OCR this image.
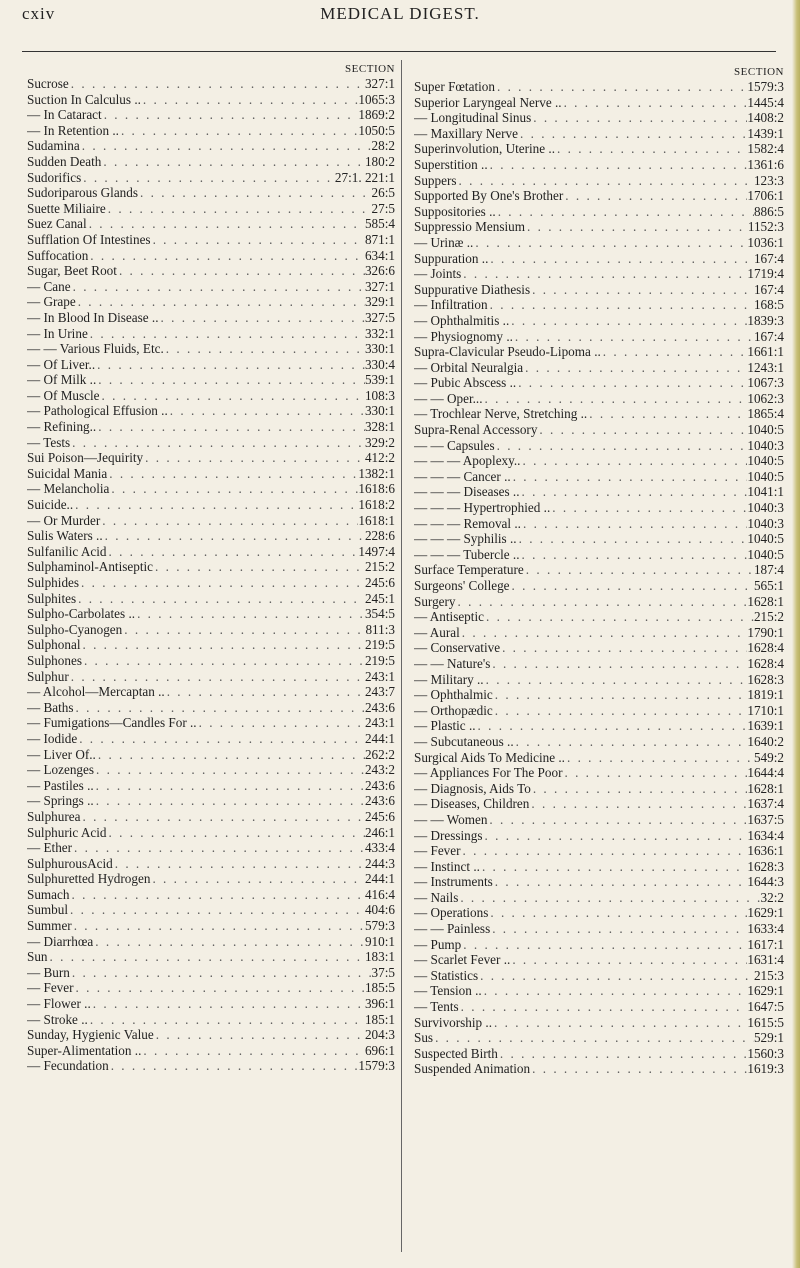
cxiv	MEDICAL DIGEST.
SECTION
Sucrose . . .	327:1
Suction In Calculus .. . . .	1065:3
— In Cataract . . .	1869:2
— In Retention .. . . .	1050:5
Sudamina . . .	28:2
Sudden Death . . .	180:2
Sudorifics . . .	27:1. 221:1
Sudoriparous Glands . . .	26:5
Suette Miliaire . . .	27:5
Suez Canal . . .	585:4
Sufflation Of Intestines . . .	871:1
Suffocation . . .	634:1
Sugar, Beet Root . . .	326:6
— Cane . . .	327:1
— Grape . . .	329:1
— In Blood In Disease .. . . .	327:5
— In Urine . . .	332:1
— — Various Fluids, Etc. . . .	330:1
— Of Liver.. . . .	330:4
— Of Milk .. . . .	539:1
— Of Muscle . . .	108:3
— Pathological Effusion .. . . .	330:1
— Refining.. . . .	328:1
— Tests . . .	329:2
Sui Poison—Jequirity . . .	412:2
Suicidal Mania . . .	1382:1
— Melancholia . . .	1618:6
Suicide.. . . .	1618:2
— Or Murder . . .	1618:1
Sulis Waters .. . . .	228:6
Sulfanilic Acid . . .	1497:4
Sulphaminol-Antiseptic . . .	215:2
Sulphides . . .	245:6
Sulphites . . .	245:1
Sulpho-Carbolates .. . . .	354:5
Sulpho-Cyanogen . . .	811:3
Sulphonal . . .	219:5
Sulphones . . .	219:5
Sulphur . . .	243:1
— Alcohol—Mercaptan .. . . .	243:7
— Baths . . .	243:6
— Fumigations—Candles For .. . . .	243:1
— Iodide . . .	244:1
— Liver Of.. . . .	262:2
— Lozenges . . .	243:2
— Pastiles .. . . .	243:6
— Springs .. . . .	243:6
Sulphurea . . .	245:6
Sulphuric Acid . . .	246:1
— Ether . . .	433:4
SulphurousAcid . . .	244:3
Sulphuretted Hydrogen . . .	244:1
Sumach . . .	416:4
Sumbul . . .	404:6
Summer . . .	579:3
— Diarrhœa . . .	910:1
Sun . . .	183:1
— Burn . . .	37:5
— Fever . . .	185:5
— Flower .. . . .	396:1
— Stroke .. . . .	185:1
Sunday, Hygienic Value . . .	204:3
Super-Alimentation .. . . .	696:1
— Fecundation . . .	1579:3
SECTION
Super Fœtation . . .	1579:3
Superior Laryngeal Nerve .. . . .	1445:4
— Longitudinal Sinus . . .	1408:2
— Maxillary Nerve . . .	1439:1
Superinvolution, Uterine .. . . .	1582:4
Superstition .. . . .	1361:6
Suppers . . .	123:3
Supported By One's Brother . . .	1706:1
Suppositories .. . . .	886:5
Suppressio Mensium . . .	1152:3
— Urinæ .. . . .	1036:1
Suppuration .. . . .	167:4
— Joints . . .	1719:4
Suppurative Diathesis . . .	167:4
— Infiltration . . .	168:5
— Ophthalmitis .. . . .	1839:3
— Physiognomy .. . . .	167:4
Supra-Clavicular Pseudo-Lipoma .. . . .	1661:1
— Orbital Neuralgia . . .	1243:1
— Pubic Abscess .. . . .	1067:3
— — Oper... . . .	1062:3
— Trochlear Nerve, Stretching .. . . .	1865:4
Supra-Renal Accessory . . .	1040:5
— — Capsules . . .	1040:3
— — — Apoplexy.. . . .	1040:5
— — — Cancer .. . . .	1040:5
— — — Diseases .. . . .	1041:1
— — — Hypertrophied .. . . .	1040:3
— — — Removal .. . . .	1040:3
— — — Syphilis .. . . .	1040:5
— — — Tubercle .. . . .	1040:5
Surface Temperature . . .	187:4
Surgeons' College . . .	565:1
Surgery . . .	1628:1
— Antiseptic . . .	215:2
— Aural . . .	1790:1
— Conservative . . .	1628:4
— — Nature's . . .	1628:4
— Military .. . . .	1628:3
— Ophthalmic . . .	1819:1
— Orthopædic . . .	1710:1
— Plastic .. . . .	1639:1
— Subcutaneous .. . . .	1640:2
Surgical Aids To Medicine .. . . .	549:2
— Appliances For The Poor . . .	1644:4
— Diagnosis, Aids To . . .	1628:1
— Diseases, Children . . .	1637:4
— — Women . . .	1637:5
— Dressings . . .	1634:4
— Fever . . .	1636:1
— Instinct .. . . .	1628:3
— Instruments . . .	1644:3
— Nails . . .	32:2
— Operations . . .	1629:1
— — Painless . . .	1633:4
— Pump . . .	1617:1
— Scarlet Fever .. . . .	1631:4
— Statistics . . .	215:3
— Tension .. . . .	1629:1
— Tents . . .	1647:5
Survivorship .. . . .	1615:5
Sus . . .	529:1
Suspected Birth . . .	1560:3
Suspended Animation . . .	1619:3
